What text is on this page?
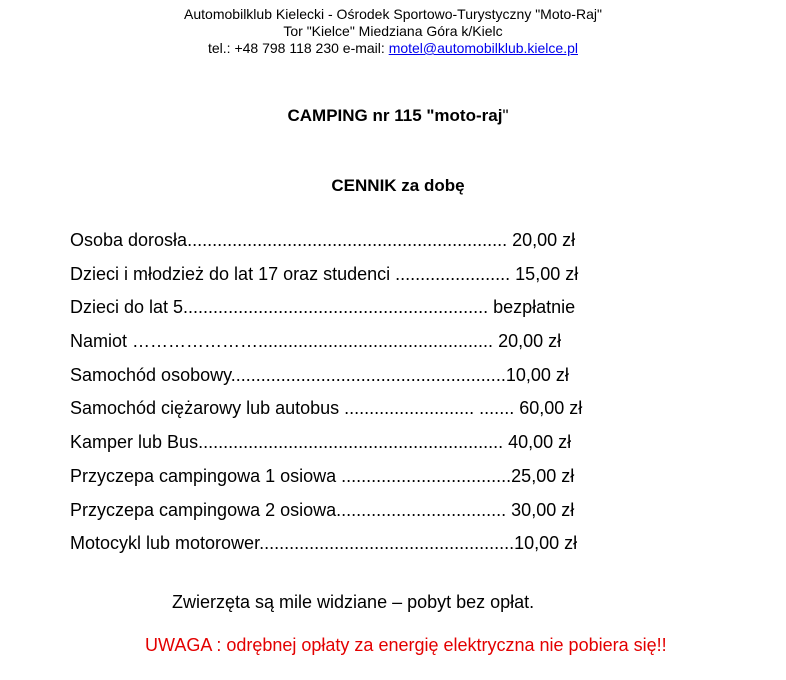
Automobilklub Kielecki - Ośrodek Sportowo-Turystyczny "Moto-Raj"
Tor "Kielce" Miedziana Góra k/Kielc
tel.: +48 798 118 230 e-mail: motel@automobilklub.kielce.pl
CAMPING nr 115 "moto-raj"
CENNIK za dobę
Osoba dorosła................................................................ 20,00 zł
Dzieci i młodzież do lat 17 oraz studenci ....................... 15,00 zł
Dzieci do lat 5............................................................. bezpłatnie
Namiot …………………............................................... 20,00 zł
Samochód osobowy.......................................................10,00 zł
Samochód ciężarowy lub autobus .......................... ....... 60,00 zł
Kamper lub Bus............................................................. 40,00 zł
Przyczepa campingowa 1 osiowa ..................................25,00 zł
Przyczepa campingowa 2 osiowa.................................. 30,00 zł
Motocykl lub motorower...................................................10,00 zł
Zwierzęta są mile widziane – pobyt bez opłat.
UWAGA : odrębnej opłaty za energię elektryczna nie pobiera się!!
